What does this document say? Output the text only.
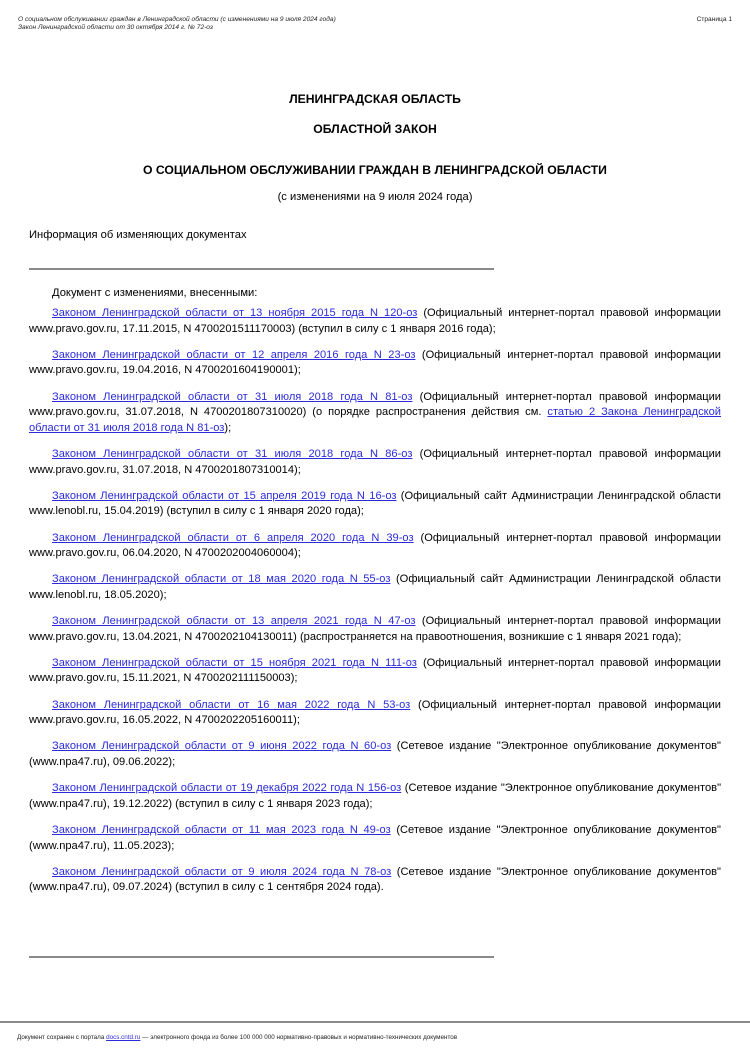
О социальном обслуживании граждан в Ленинградской области (с изменениями на 9 июля 2024 года)
Закон Ленинградской области от 30 октября 2014 г. № 72-оз
Страница 1
ЛЕНИНГРАДСКАЯ ОБЛАСТЬ
ОБЛАСТНОЙ ЗАКОН
О СОЦИАЛЬНОМ ОБСЛУЖИВАНИИ ГРАЖДАН В ЛЕНИНГРАДСКОЙ ОБЛАСТИ
(с изменениями на 9 июля 2024 года)
Информация об изменяющих документах
Документ с изменениями, внесенными:

Законом Ленинградской области от 13 ноября 2015 года N 120-оз (Официальный интернет-портал правовой информации www.pravo.gov.ru, 17.11.2015, N 4700201511170003) (вступил в силу с 1 января 2016 года);

Законом Ленинградской области от 12 апреля 2016 года N 23-оз (Официальный интернет-портал правовой информации www.pravo.gov.ru, 19.04.2016, N 4700201604190001);

Законом Ленинградской области от 31 июля 2018 года N 81-оз (Официальный интернет-портал правовой информации www.pravo.gov.ru, 31.07.2018, N 4700201807310020) (о порядке распространения действия см. статью 2 Закона Ленинградской области от 31 июля 2018 года N 81-оз);

Законом Ленинградской области от 31 июля 2018 года N 86-оз (Официальный интернет-портал правовой информации www.pravo.gov.ru, 31.07.2018, N 4700201807310014);

Законом Ленинградской области от 15 апреля 2019 года N 16-оз (Официальный сайт Администрации Ленинградской области www.lenobl.ru, 15.04.2019) (вступил в силу с 1 января 2020 года);

Законом Ленинградской области от 6 апреля 2020 года N 39-оз (Официальный интернет-портал правовой информации www.pravo.gov.ru, 06.04.2020, N 4700202004060004);

Законом Ленинградской области от 18 мая 2020 года N 55-оз (Официальный сайт Администрации Ленинградской области www.lenobl.ru, 18.05.2020);

Законом Ленинградской области от 13 апреля 2021 года N 47-оз (Официальный интернет-портал правовой информации www.pravo.gov.ru, 13.04.2021, N 4700202104130011) (распространяется на правоотношения, возникшие с 1 января 2021 года);

Законом Ленинградской области от 15 ноября 2021 года N 111-оз (Официальный интернет-портал правовой информации www.pravo.gov.ru, 15.11.2021, N 4700202111150003);

Законом Ленинградской области от 16 мая 2022 года N 53-оз (Официальный интернет-портал правовой информации www.pravo.gov.ru, 16.05.2022, N 4700202205160011);

Законом Ленинградской области от 9 июня 2022 года N 60-оз (Сетевое издание "Электронное опубликование документов" (www.npa47.ru), 09.06.2022);

Законом Ленинградской области от 19 декабря 2022 года N 156-оз (Сетевое издание "Электронное опубликование документов" (www.npa47.ru), 19.12.2022) (вступил в силу с 1 января 2023 года);

Законом Ленинградской области от 11 мая 2023 года N 49-оз (Сетевое издание "Электронное опубликование документов" (www.npa47.ru), 11.05.2023);

Законом Ленинградской области от 9 июля 2024 года N 78-оз (Сетевое издание "Электронное опубликование документов" (www.npa47.ru), 09.07.2024) (вступил в силу с 1 сентября 2024 года).

Документ сохранен с портала docs.cntd.ru — электронного фонда из более 100 000 000 нормативно-правовых и нормативно-технических документов
